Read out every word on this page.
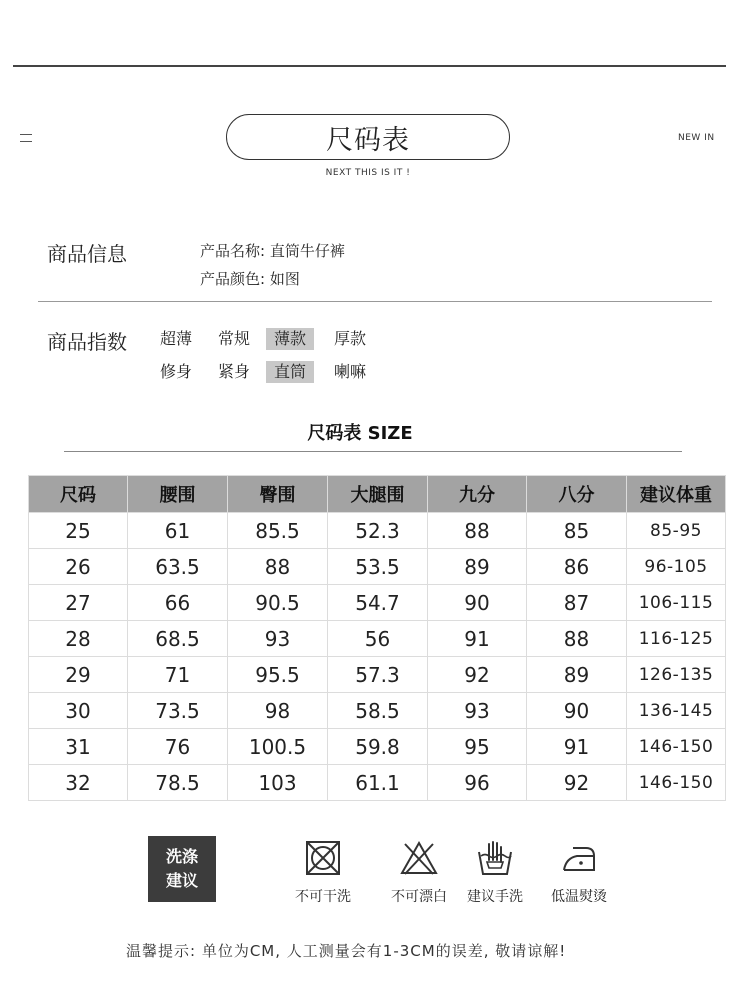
尺码表
NEXT THIS IS IT !
NEW IN
商品信息	产品名称: 直筒牛仔裤
产品颜色: 如图
商品指数 超薄 常规	薄款	厚款
修身 紧身	直筒	喇嘛
尺码表 SIZE
尺码	腰围	臀围	大腿围	九分	八分	建议体重
25	61	85.5	52.3	88	85	85-95
26	63.5	88	53.5	89	86	96-105
27	66	90.5	54.7	90	87	106-115
28	68.5	93	56	91	88	116-125
29	71	95.5	57.3	92	89	126-135
30	73.5	98	58.5	93	90	136-145
31	76	100.5	59.8	95	91	146-150
32	78.5	103	61.1	96	92	146-150
洗涤
建议
不可干洗	不可漂白	建议手洗	低温熨烫
温馨提示: 单位为CM, 人工测量会有1-3CM的误差, 敬请谅解!
